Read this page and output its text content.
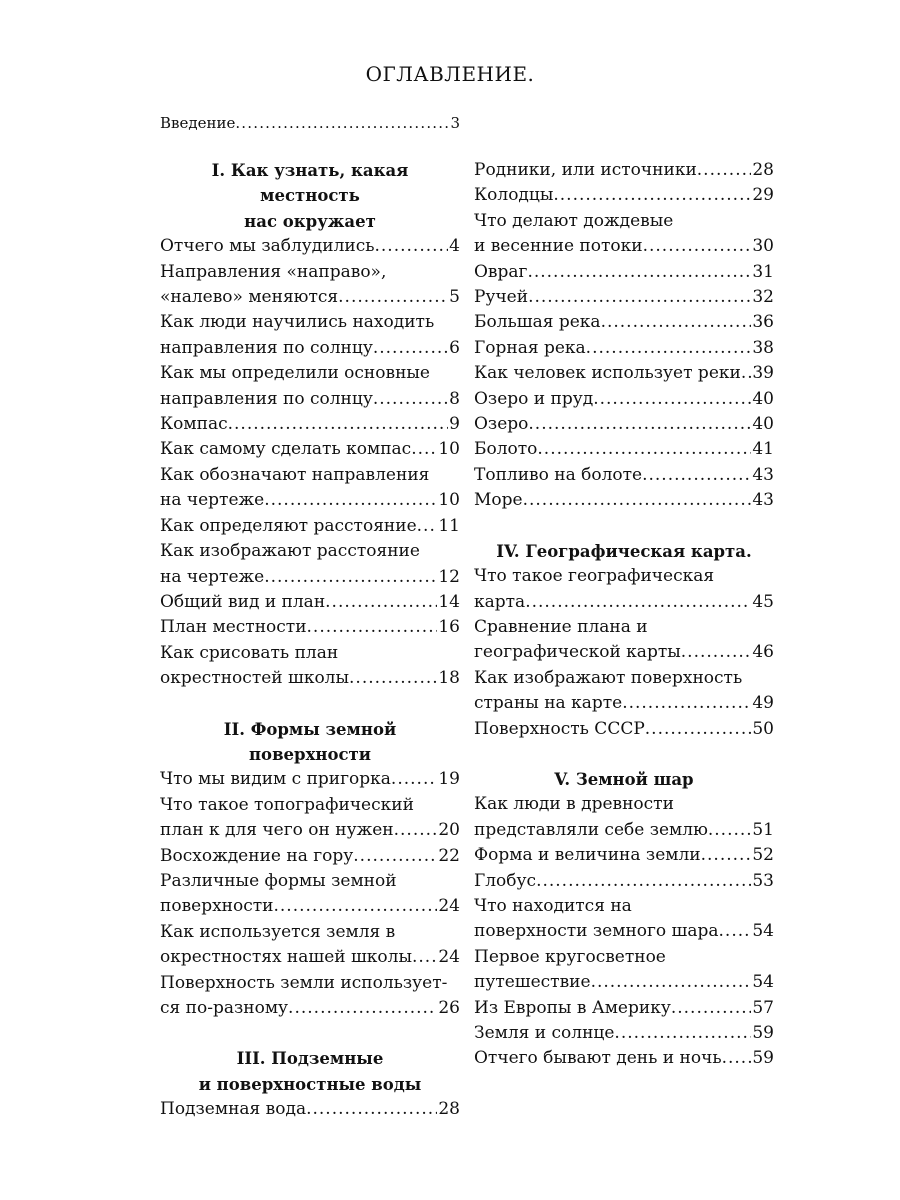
ОГЛАВЛЕНИЕ.
Введение .....	3
I. Как узнать, какая местность
нас окружает
Отчего мы заблудились .....	4
Направления «направо»,
«налево» меняются .....	5
Как люди научились находить
направления по солнцу .....	6
Как мы определили основные
направления по солнцу .....	8
Компас .....	9
Как самому сделать компас ..... 10
Как обозначают направления
на чертеже .....	10
Как определяют расстояние ..... 11
Как изображают расстояние
на чертеже .....	12
Общий вид и план .....	14
План местности .....	16
Как срисовать план
окрестностей школы .....	18
II. Формы земной поверхности
Что мы видим с пригорка .....	19
Что такое топографический
план к для чего он нужен .....	20
Восхождение на гору .....	22
Различные формы земной
поверхности .....	24
Как используется земля в
окрестностях нашей школы ..... 24
Поверхность земли использует-
ся по-разному .....	26
III. Подземные
и поверхностные воды
Подземная вода .....	28
Родники, или источники .....	28
Колодцы .....	29
Что делают дождевые
и весенние потоки .....	30
Овраг .....	31
Ручей .....	32
Большая река .....	36
Горная река .....	38
Как человек использует реки ..... 39
Озеро и пруд .....	40
Озеро .....	40
Болото .....	41
Топливо на болоте .....	43
Море .....	43
IV. Географическая карта.
Что такое географическая
карта .....	45
Сравнение плана и
географической карты .....	46
Как изображают поверхность
страны на карте .....	49
Поверхность СССР .....	50
V. Земной шар
Как люди в древности
представляли себе землю .....	51
Форма и величина земли .....	52
Глобус .....	53
Что находится на
поверхности земного шара ..... 54
Первое кругосветное
путешествие .....	54
Из Европы в Америку .....	57
Земля и солнце .....	59
Отчего бывают день и ночь ..... 59
